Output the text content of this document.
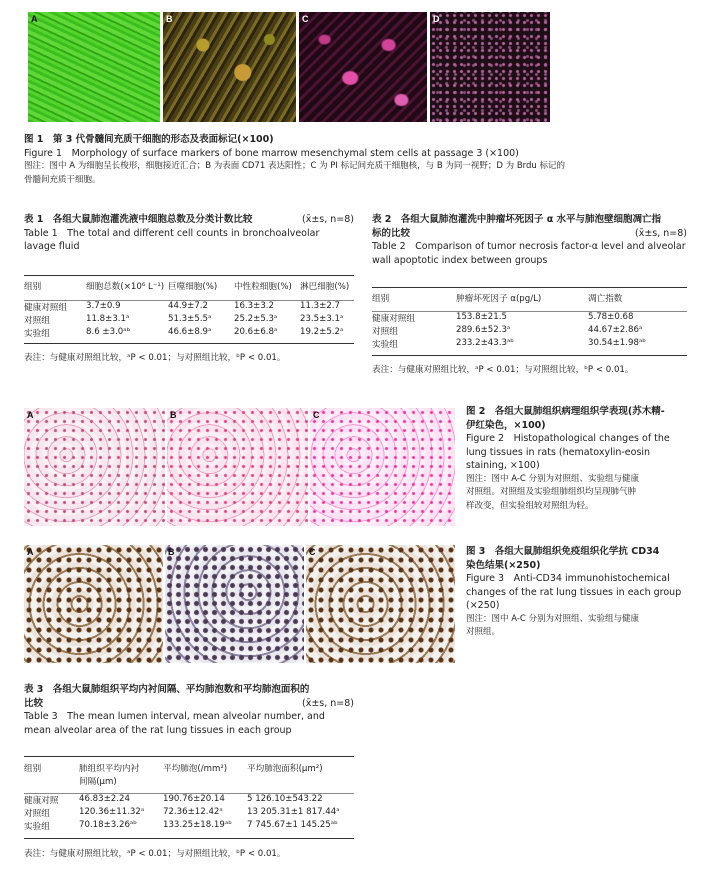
A	B	C	D
图 1　第 3 代骨髓间充质干细胞的形态及表面标记(×100)
Figure 1　Morphology of surface markers of bone marrow mesenchymal stem cells at passage 3 (×100)
图注：图中 A 为细胞呈长梭形，细胞接近汇合；B 为表面 CD71 表达阳性；C 为 PI 标记间充质干细胞核，与 B 为同一视野；D 为 Brdu 标记的
骨髓间充质干细胞。
表 1　各组大鼠肺泡灌洗液中细胞总数及分类计数比较	(x̄±s, n=8)
Table 1　The total and different cell counts in bronchoalveolar
lavage fluid
组别	细胞总数(×10⁶ L⁻¹)	巨噬细胞(%)	中性粒细胞(%)	淋巴细胞(%)

健康对照组	3.7±0.9	44.9±7.2	16.3±3.2	11.3±2.7
对照组	11.8±3.1ᵃ	51.3±5.5ᵃ	25.2±5.3ᵃ	23.5±3.1ᵃ
实验组	8.6 ±3.0ᵃᵇ	46.6±8.9ᵃ	20.6±6.8ᵃ	19.2±5.2ᵃ
表注：与健康对照组比较，ᵃP < 0.01；与对照组比较，ᵇP < 0.01。
表 2　各组大鼠肺泡灌洗中肿瘤坏死因子 α 水平与肺泡壁细胞凋亡指
标的比较	(x̄±s, n=8)
Table 2　Comparison of tumor necrosis factor-α level and alveolar
wall apoptotic index between groups
组别	肿瘤坏死因子 α(pg/L)	凋亡指数

健康对照组	153.8±21.5	5.78±0.68
对照组	289.6±52.3ᵃ	44.67±2.86ᵃ
实验组	233.2±43.3ᵃᵇ	30.54±1.98ᵃᵇ
表注：与健康对照组比较，ᵃP < 0.01；与对照组比较，ᵇP < 0.01。
A	B	C	图 2　各组大鼠肺组织病理组织学表现(苏木精-
伊红染色，×100)
Figure 2　Histopathological changes of the
lung tissues in rats (hematoxylin-eosin
staining, ×100)
图注：图中 A-C 分别为对照组、实验组与健康
对照组。对照组及实验组肺组织均呈现肺气肿
样改变，但实验组较对照组为轻。
A	B	C	图 3　各组大鼠肺组织免疫组织化学抗 CD34
染色结果(×250)
Figure 3　Anti-CD34 immunohistochemical
changes of the rat lung tissues in each group
(×250)
图注：图中 A-C 分别为对照组、实验组与健康
对照组。
表 3　各组大鼠肺组织平均内衬间隔、平均肺泡数和平均肺泡面积的
比较	(x̄±s, n=8)
Table 3　The mean lumen interval, mean alveolar number, and
mean alveolar area of the rat lung tissues in each group
组别	肺组织平均内衬	平均肺泡(/mm²)	平均肺泡面积(μm²)
	间隔(μm)		

健康对照	46.83±2.24	190.76±20.14	5 126.10±543.22
对照组	120.36±11.32ᵃ	72.36±12.42ᵃ	13 205.31±1 817.44ᵃ
实验组	70.18±3.26ᵃᵇ	133.25±18.19ᵃᵇ	7 745.67±1 145.25ᵃᵇ
表注：与健康对照组比较，ᵃP < 0.01；与对照组比较，ᵇP < 0.01。
